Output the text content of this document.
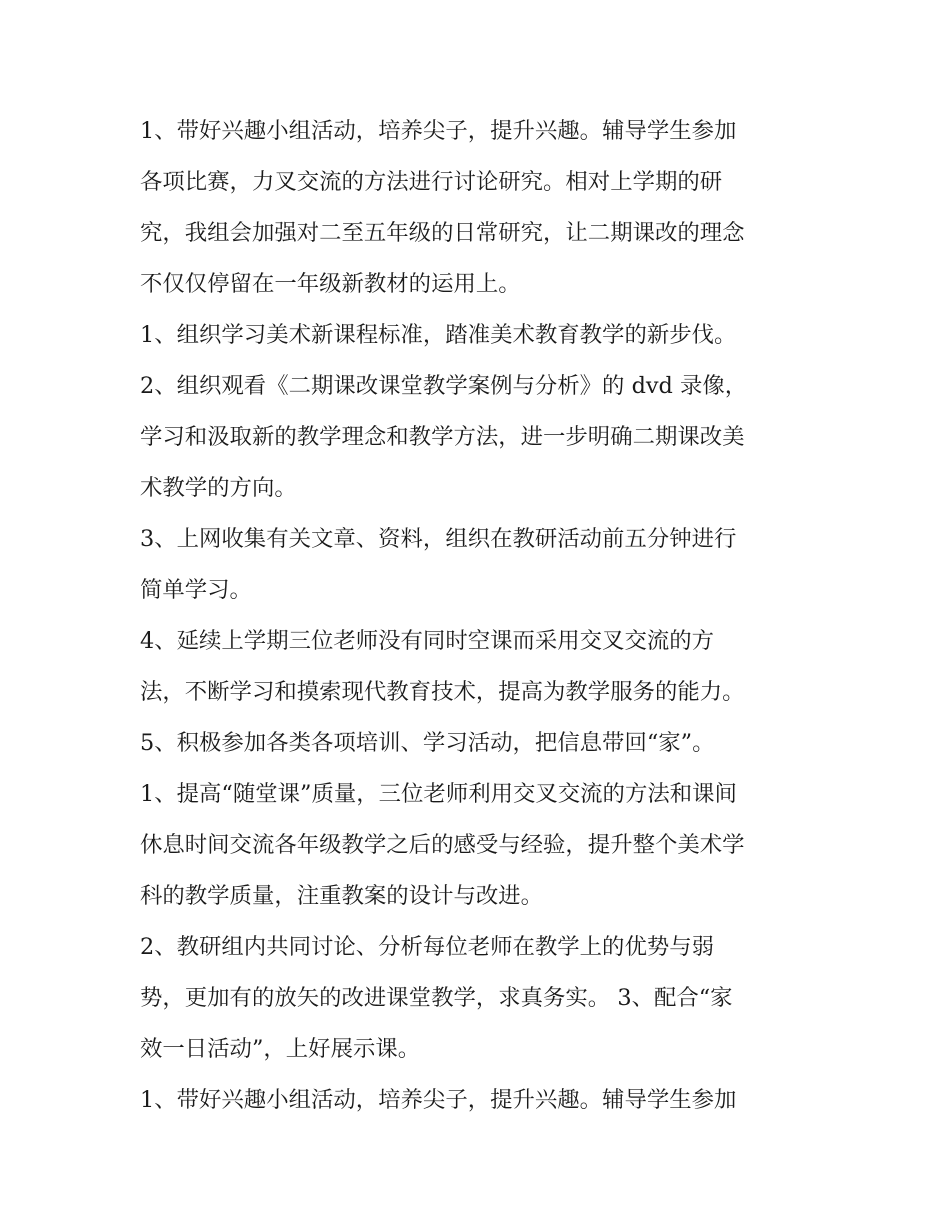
1、带好兴趣小组活动，培养尖子，提升兴趣。辅导学生参加
各项比赛，力叉交流的方法进行讨论研究。相对上学期的研
究，我组会加强对二至五年级的日常研究，让二期课改的理念
不仅仅停留在一年级新教材的运用上。

1、组织学习美术新课程标准，踏准美术教育教学的新步伐。

2、组织观看《二期课改课堂教学案例与分析》的 dvd 录像，
学习和汲取新的教学理念和教学方法，进一步明确二期课改美
术教学的方向。

3、上网收集有关文章、资料，组织在教研活动前五分钟进行
简单学习。

4、延续上学期三位老师没有同时空课而采用交叉交流的方
法，不断学习和摸索现代教育技术，提高为教学服务的能力。

5、积极参加各类各项培训、学习活动，把信息带回“家”。

1、提高“随堂课”质量，三位老师利用交叉交流的方法和课间
休息时间交流各年级教学之后的感受与经验，提升整个美术学
科的教学质量，注重教案的设计与改进。

2、教研组内共同讨论、分析每位老师在教学上的优势与弱
势，更加有的放矢的改进课堂教学，求真务实。 3、配合“家
效一日活动”，上好展示课。

1、带好兴趣小组活动，培养尖子，提升兴趣。辅导学生参加
